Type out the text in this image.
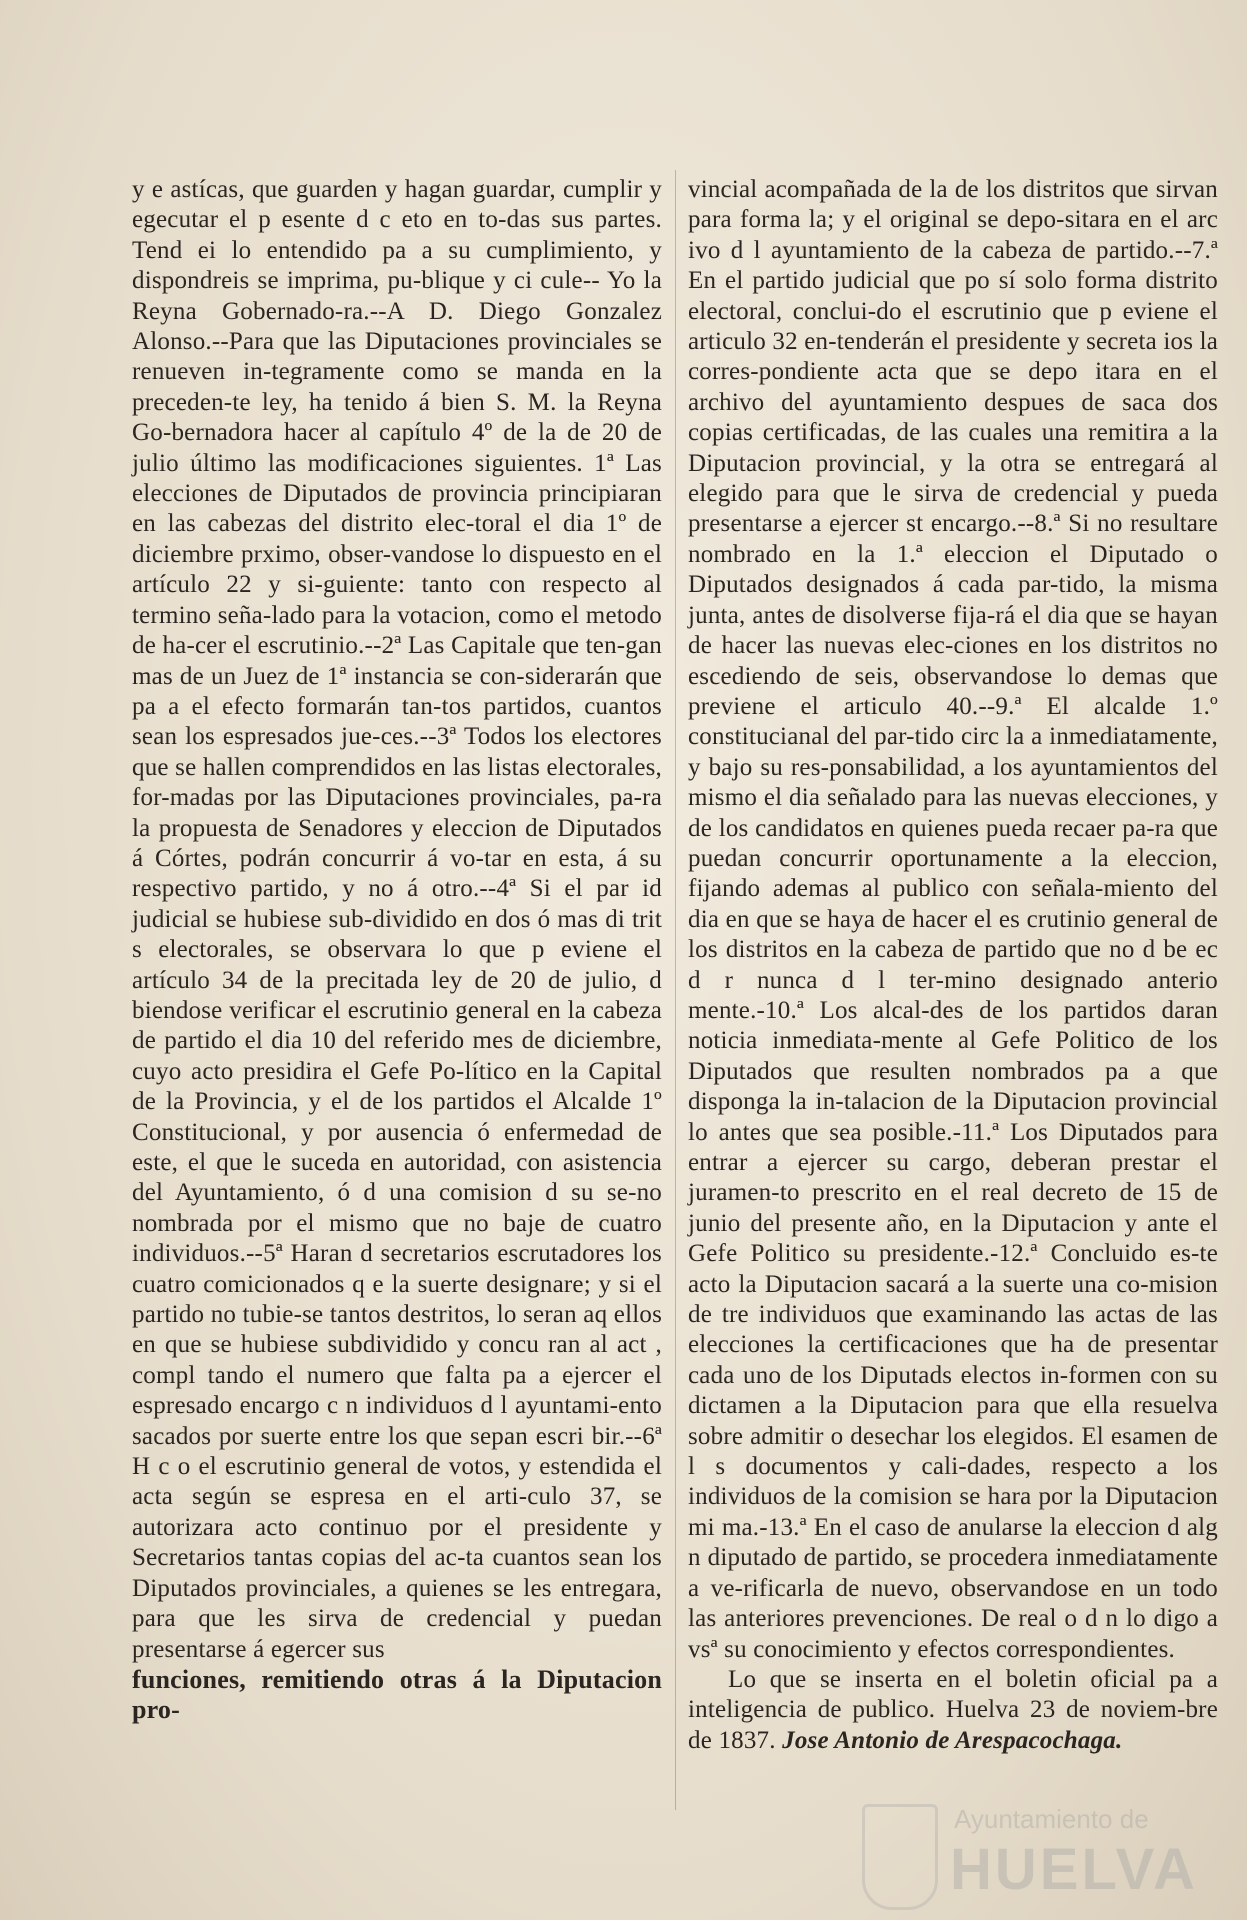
y e astícas, que guarden y hagan guardar, cumplir y egecutar el p esente d c eto en to-das sus partes. Tend ei lo entendido pa a su cumplimiento, y dispondreis se imprima, pu-blique y ci cule-- Yo la Reyna Gobernado-ra.--A D. Diego Gonzalez Alonso.--Para que las Diputaciones provinciales se renueven in-tegramente como se manda en la preceden-te ley, ha tenido á bien S. M. la Reyna Go-bernadora hacer al capítulo 4º de la de 20 de julio último las modificaciones siguientes. 1ª Las elecciones de Diputados de provincia principiaran en las cabezas del distrito elec-toral el dia 1º de diciembre prximo, obser-vandose lo dispuesto en el artículo 22 y si-guiente: tanto con respecto al termino seña-lado para la votacion, como el metodo de ha-cer el escrutinio.--2ª Las Capitale que ten-gan mas de un Juez de 1ª instancia se con-siderarán que pa a el efecto formarán tan-tos partidos, cuantos sean los espresados jue-ces.--3ª Todos los electores que se hallen comprendidos en las listas electorales, for-madas por las Diputaciones provinciales, pa-ra la propuesta de Senadores y eleccion de Diputados á Córtes, podrán concurrir á vo-tar en esta, á su respectivo partido, y no á otro.--4ª Si el par id judicial se hubiese sub-dividido en dos ó mas di trit s electorales, se observara lo que p eviene el artículo 34 de la precitada ley de 20 de julio, d biendose verificar el escrutinio general en la cabeza de partido el dia 10 del referido mes de diciembre, cuyo acto presidira el Gefe Po-lítico en la Capital de la Provincia, y el de los partidos el Alcalde 1º Constitucional, y por ausencia ó enfermedad de este, el que le suceda en autoridad, con asistencia del Ayuntamiento, ó d una comision d su se-no nombrada por el mismo que no baje de cuatro individuos.--5ª Haran d secretarios escrutadores los cuatro comicionados q e la suerte designare; y si el partido no tubie-se tantos destritos, lo seran aq ellos en que se hubiese subdividido y concu ran al act , compl tando el numero que falta pa a ejercer el espresado encargo c n individuos d l ayuntami-ento sacados por suerte entre los que sepan escri bir.--6ª H c o el escrutinio general de votos, y estendida el acta según se espresa en el arti-culo 37, se autorizara acto continuo por el presidente y Secretarios tantas copias del ac-ta cuantos sean los Diputados provinciales, a quienes se les entregara, para que les sirva de credencial y puedan presentarse á egercer sus

funciones, remitiendo otras á la Diputacion pro-

vincial acompañada de la de los distritos que sirvan para forma la; y el original se depo-sitara en el arc ivo d l ayuntamiento de la cabeza de partido.--7.ª En el partido judicial que po sí solo forma distrito electoral, conclui-do el escrutinio que p eviene el articulo 32 en-tenderán el presidente y secreta ios la corres-pondiente acta que se depo itara en el archivo del ayuntamiento despues de saca dos copias certificadas, de las cuales una remitira a la Diputacion provincial, y la otra se entregará al elegido para que le sirva de credencial y pueda presentarse a ejercer st encargo.--8.ª Si no resultare nombrado en la 1.ª eleccion el Diputado o Diputados designados á cada par-tido, la misma junta, antes de disolverse fija-rá el dia que se hayan de hacer las nuevas elec-ciones en los distritos no escediendo de seis, observandose lo demas que previene el articulo 40.--9.ª El alcalde 1.º constitucianal del par-tido circ la a inmediatamente, y bajo su res-ponsabilidad, a los ayuntamientos del mismo el dia señalado para las nuevas elecciones, y de los candidatos en quienes pueda recaer pa-ra que puedan concurrir oportunamente a la eleccion, fijando ademas al publico con señala-miento del dia en que se haya de hacer el es crutinio general de los distritos en la cabeza de partido que no d be ec d r nunca d l ter-mino designado anterio mente.-10.ª Los alcal-des de los partidos daran noticia inmediata-mente al Gefe Politico de los Diputados que resulten nombrados pa a que disponga la in-talacion de la Diputacion provincial lo antes que sea posible.-11.ª Los Diputados para entrar a ejercer su cargo, deberan prestar el juramen-to prescrito en el real decreto de 15 de junio del presente año, en la Diputacion y ante el Gefe Politico su presidente.-12.ª Concluido es-te acto la Diputacion sacará a la suerte una co-mision de tre individuos que examinando las actas de las elecciones la certificaciones que ha de presentar cada uno de los Diputads electos in-formen con su dictamen a la Diputacion para que ella resuelva sobre admitir o desechar los elegidos. El esamen de l s documentos y cali-dades, respecto a los individuos de la comision se hara por la Diputacion mi ma.-13.ª En el caso de anularse la eleccion d alg n diputado de partido, se procedera inmediatamente a ve-rificarla de nuevo, observandose en un todo las anteriores prevenciones. De real o d n lo digo a vsª su conocimiento y efectos correspondientes.

Lo que se inserta en el boletin oficial pa a inteligencia de publico. Huelva 23 de noviem-bre de 1837. Jose Antonio de Arespacochaga.

Ayuntamiento de
HUELVA
